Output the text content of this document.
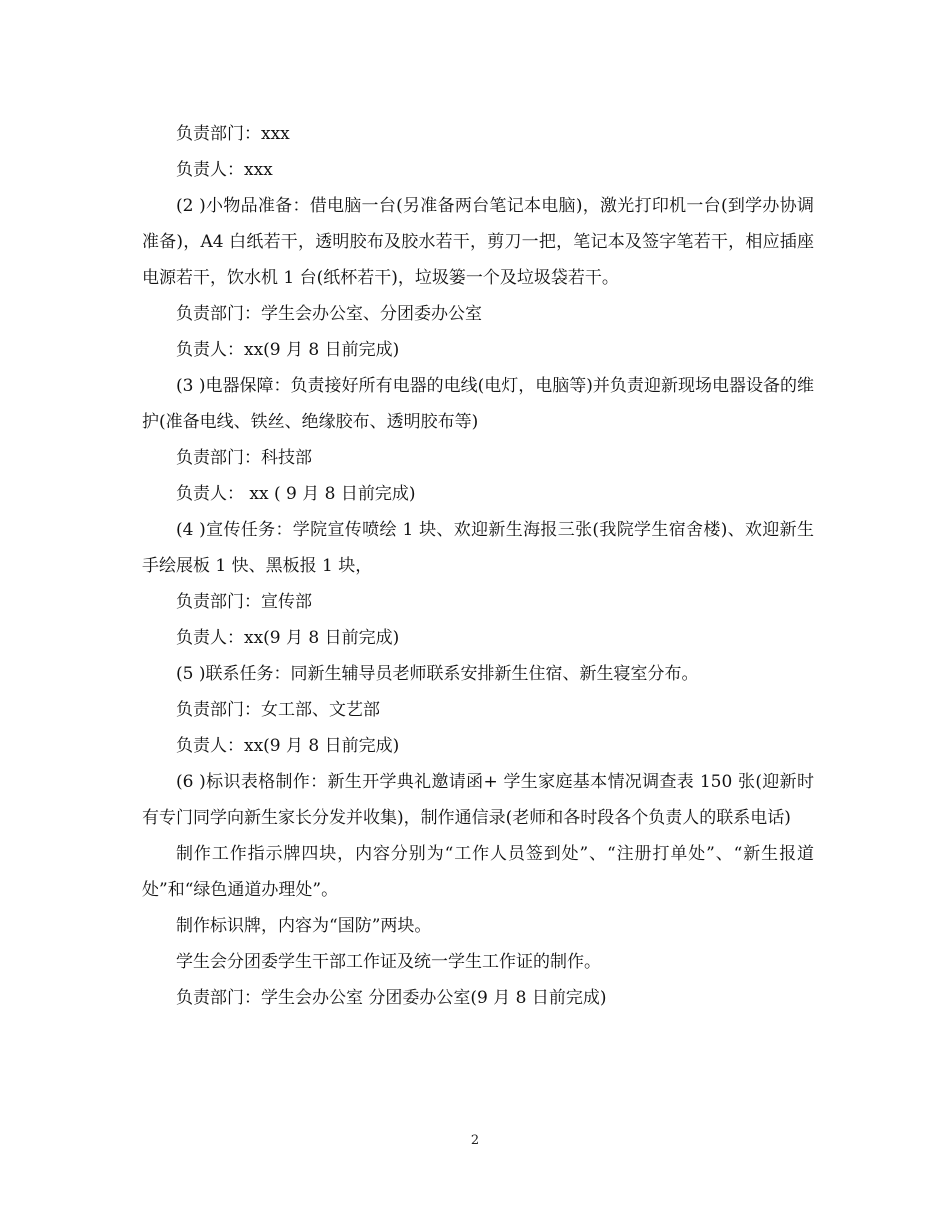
负责部门：xxx

负责人：xxx

(2 )小物品准备：借电脑一台(另准备两台笔记本电脑)，激光打印机一台(到学办协调准备)，A4 白纸若干，透明胶布及胶水若干，剪刀一把，笔记本及签字笔若干，相应插座电源若干，饮水机 1 台(纸杯若干)，垃圾篓一个及垃圾袋若干。

负责部门：学生会办公室、分团委办公室

负责人：xx(9 月 8 日前完成)

(3 )电器保障：负责接好所有电器的电线(电灯，电脑等)并负责迎新现场电器设备的维护(准备电线、铁丝、绝缘胶布、透明胶布等)

负责部门：科技部

负责人： xx ( 9 月 8 日前完成)

(4 )宣传任务：学院宣传喷绘 1 块、欢迎新生海报三张(我院学生宿舍楼)、欢迎新生手绘展板 1 快、黑板报 1 块，

负责部门：宣传部

负责人：xx(9 月 8 日前完成)

(5 )联系任务：同新生辅导员老师联系安排新生住宿、新生寝室分布。

负责部门：女工部、文艺部

负责人：xx(9 月 8 日前完成)

(6 )标识表格制作：新生开学典礼邀请函+ 学生家庭基本情况调查表 150 张(迎新时有专门同学向新生家长分发并收集)，制作通信录(老师和各时段各个负责人的联系电话)

制作工作指示牌四块，内容分别为“工作人员签到处”、“注册打单处”、“新生报道处”和“绿色通道办理处”。

制作标识牌，内容为“国防”两块。

学生会分团委学生干部工作证及统一学生工作证的制作。

负责部门：学生会办公室 分团委办公室(9 月 8 日前完成)

2
